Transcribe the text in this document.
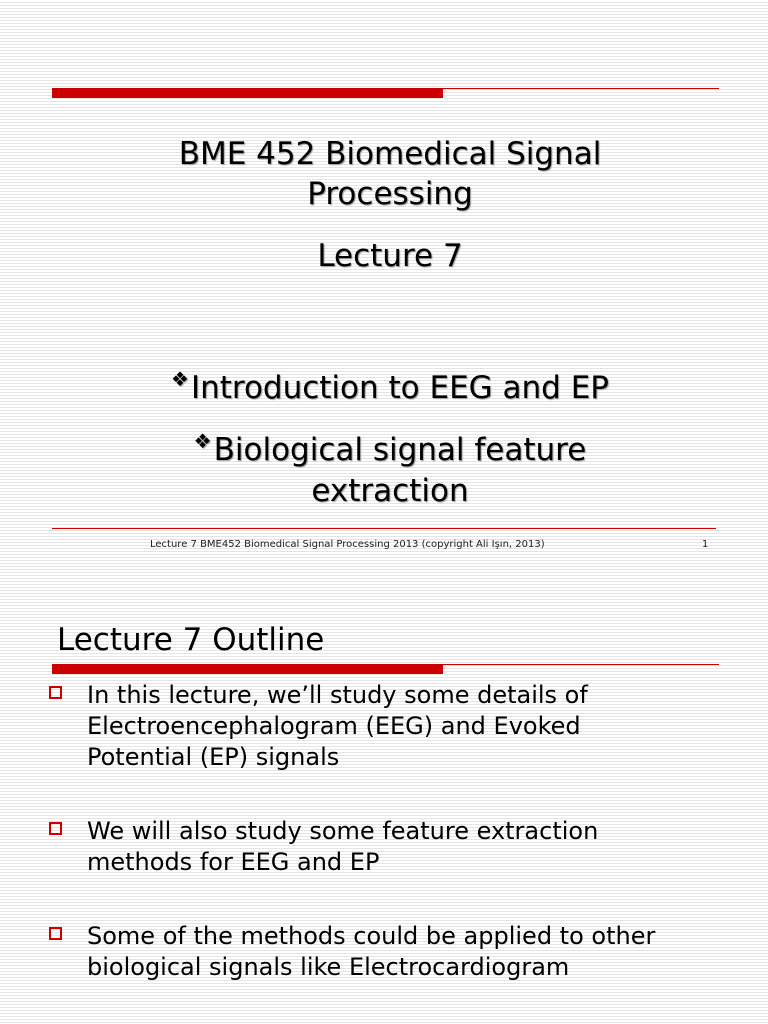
BME 452 Biomedical Signal
Processing
Lecture 7
❖Introduction to EEG and EP
❖Biological signal feature
extraction
Lecture 7 BME452 Biomedical Signal Processing 2013 (copyright Ali Işın, 2013)	1
Lecture 7 Outline
In this lecture, we’ll study some details of
Electroencephalogram (EEG) and Evoked
Potential (EP) signals
We will also study some feature extraction
methods for EEG and EP
Some of the methods could be applied to other
biological signals like Electrocardiogram
